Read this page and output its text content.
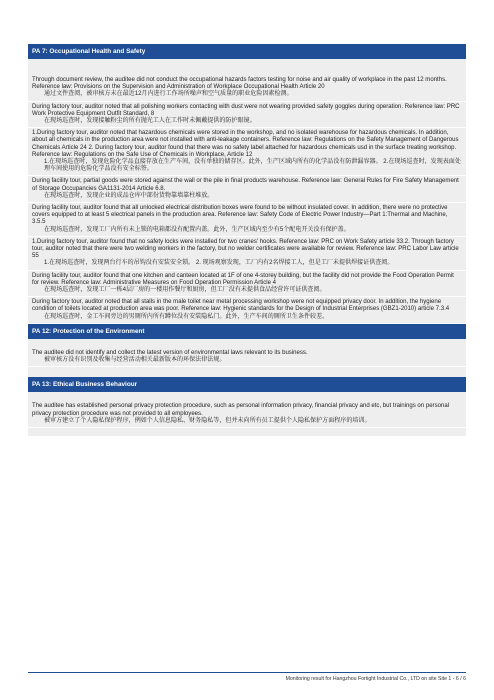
PA 7: Occupational Health and Safety
Through document review, the auditee did not conduct the occupational hazards factors testing for noise and air quality of workplace in the past 12 months. Reference law: Provisions on the Supervision and Administration of Workplace Occupational Health Article 20
通过文件查阅，被审核方未在最近12月内进行工作场所噪声和空气质量的职业危险因素检测。
During factory tour, auditor noted that all polishing workers contacting with dust were not wearing provided safety goggles during operation. Reference law: PRC Work Protective Equipment Outfit Standard, 8
在现场巡查时，发现接触粉尘的所有抛光工人在工作时未佩戴提供的防护眼镜。
1.During factory tour, auditor noted that hazardous chemicals were stored in the workshop, and no isolated warehouse for hazardous chemicals. In addition, about all chemicals in the production area were not installed with anti-leakage containers. Reference law: Regulations on the Safety Management of Dangerous Chemicals Article 24 2. During factory tour, auditor found that there was no safety label attached for hazardous chemicals usd in the surface treating workshop. Reference law: Regulations on the Safe Use of Chemicals in Workplace, Article 12
1.在现场巡查时，发现危险化学品直接存放在生产车间，没有单独的储存区。此外，生产区域内所有的化学品没有防泄漏容器。 2.在现场巡查时，发现表面处理车间使用的危险化学品没有安全标签。
During facility tour, partial goods were stored against the wall or the pile in final products warehouse. Reference law: General Rules for Fire Safety Management of Storage Occupancies GA1131-2014 Article 6.8.
在现场巡查时，发现企业的成品仓库中部份货物靠墙靠柱堆放。
During facility tour, auditor found that all unlocked electrical distribution boxes were found to be without insulated cover. In addition, there were no protective covers equipped to at least 5 electrical panels in the production area. Reference law: Safety Code of Electric Power Industry—Part 1:Thermal and Machine, 3.5.5
在现场巡查时，发现工厂内所有未上锁的电箱都没有配置内盖。此外，生产区域内至少有5个配电开关没有保护盖。
1.During factory tour, auditor found that no safety locks were installed for two cranes' hooks. Reference law: PRC on Work Safety article 33.2. Through factory tour, auditor noted that there were two welding workers in the factory, but no welder certificates were available for review. Reference law: PRC Labor Law article 55
1.在现场巡查时，发现两台行车的吊钩没有安装安全锁。 2. 现场观察发现，工厂内有2名焊接工人，但是工厂未提供焊接证供查阅。
During facility tour, auditor found that one kitchen and canteen located at 1F of one 4-storey building, but the facility did not provide the Food Operation Permit for review. Reference law: Administrative Measures on Food Operation Permission Article 4
在现场巡查时，发现工厂一栋4层厂房的一楼用作餐厅和厨房，但工厂没有未提供食品经营许可证供查阅。
During factory tour, auditor noted that all stalls in the male toilet near metal processing workshop were not equipped privacy door. In addition, the hygiene condition of toilets located at production area was poor. Reference law: Hygienic standards for the Design of Industrial Enterprises (GBZ1-2010) article 7.3.4
在现场巡查时，金工车间旁边的男厕所内所有蹲位没有安装隐私门。此外，生产车间的厕所卫生条件较差。
PA 12: Protection of the Environment
The auditee did not identify and collect the latest version of environmental laws relevant to its business.
被审核方没有识别及收集与经营活动相关最新版本的环保法律法规。
PA 13: Ethical Business Behaviour
The auditee has established personal privacy protection procedure, such as personal information privacy, financial privacy and etc, but trainings on personal privacy protection procedure was not provided to all employees.
被审方建立了个人隐私保护程序，例如个人信息隐私、财务隐私等，但并未向所有员工提供个人隐私保护方面程序的培训。
Monitoring result for Hangzhou Fortight Industrial Co., LTD on site Site 1 - 6 / 6
